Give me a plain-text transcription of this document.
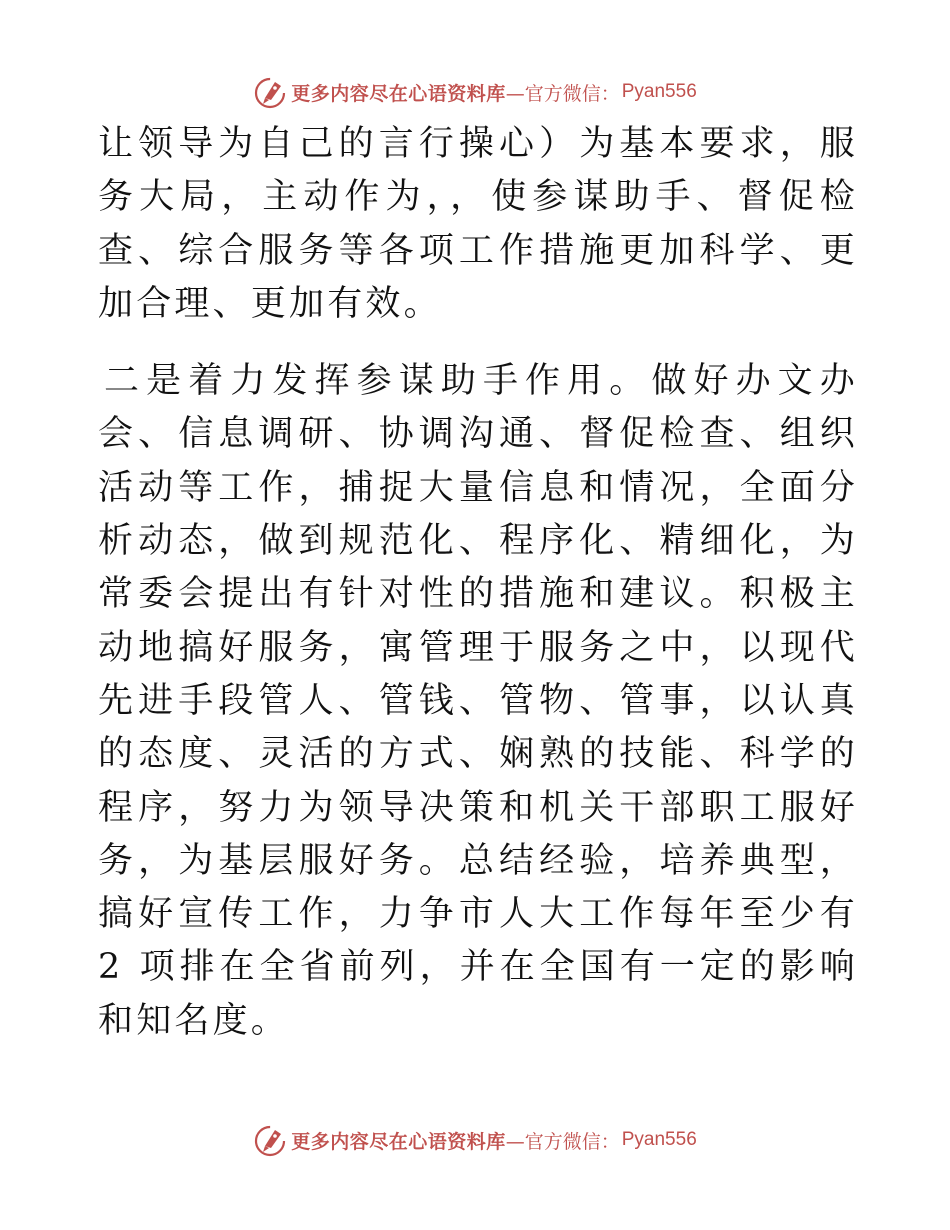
更多内容尽在心语资料库 —官方微信： Pyan556

让领导为自己的言行操心）为基本要求，服务大局，主动作为，，使参谋助手、督促检查、综合服务等各项工作措施更加科学、更加合理、更加有效。

二是着力发挥参谋助手作用。做好办文办会、信息调研、协调沟通、督促检查、组织活动等工作，捕捉大量信息和情况，全面分析动态，做到规范化、程序化、精细化，为常委会提出有针对性的措施和建议。积极主动地搞好服务，寓管理于服务之中，以现代先进手段管人、管钱、管物、管事，以认真的态度、灵活的方式、娴熟的技能、科学的程序，努力为领导决策和机关干部职工服好务，为基层服好务。总结经验，培养典型，搞好宣传工作，力争市人大工作每年至少有 2 项排在全省前列，并在全国有一定的影响和知名度。

更多内容尽在心语资料库 —官方微信： Pyan556
